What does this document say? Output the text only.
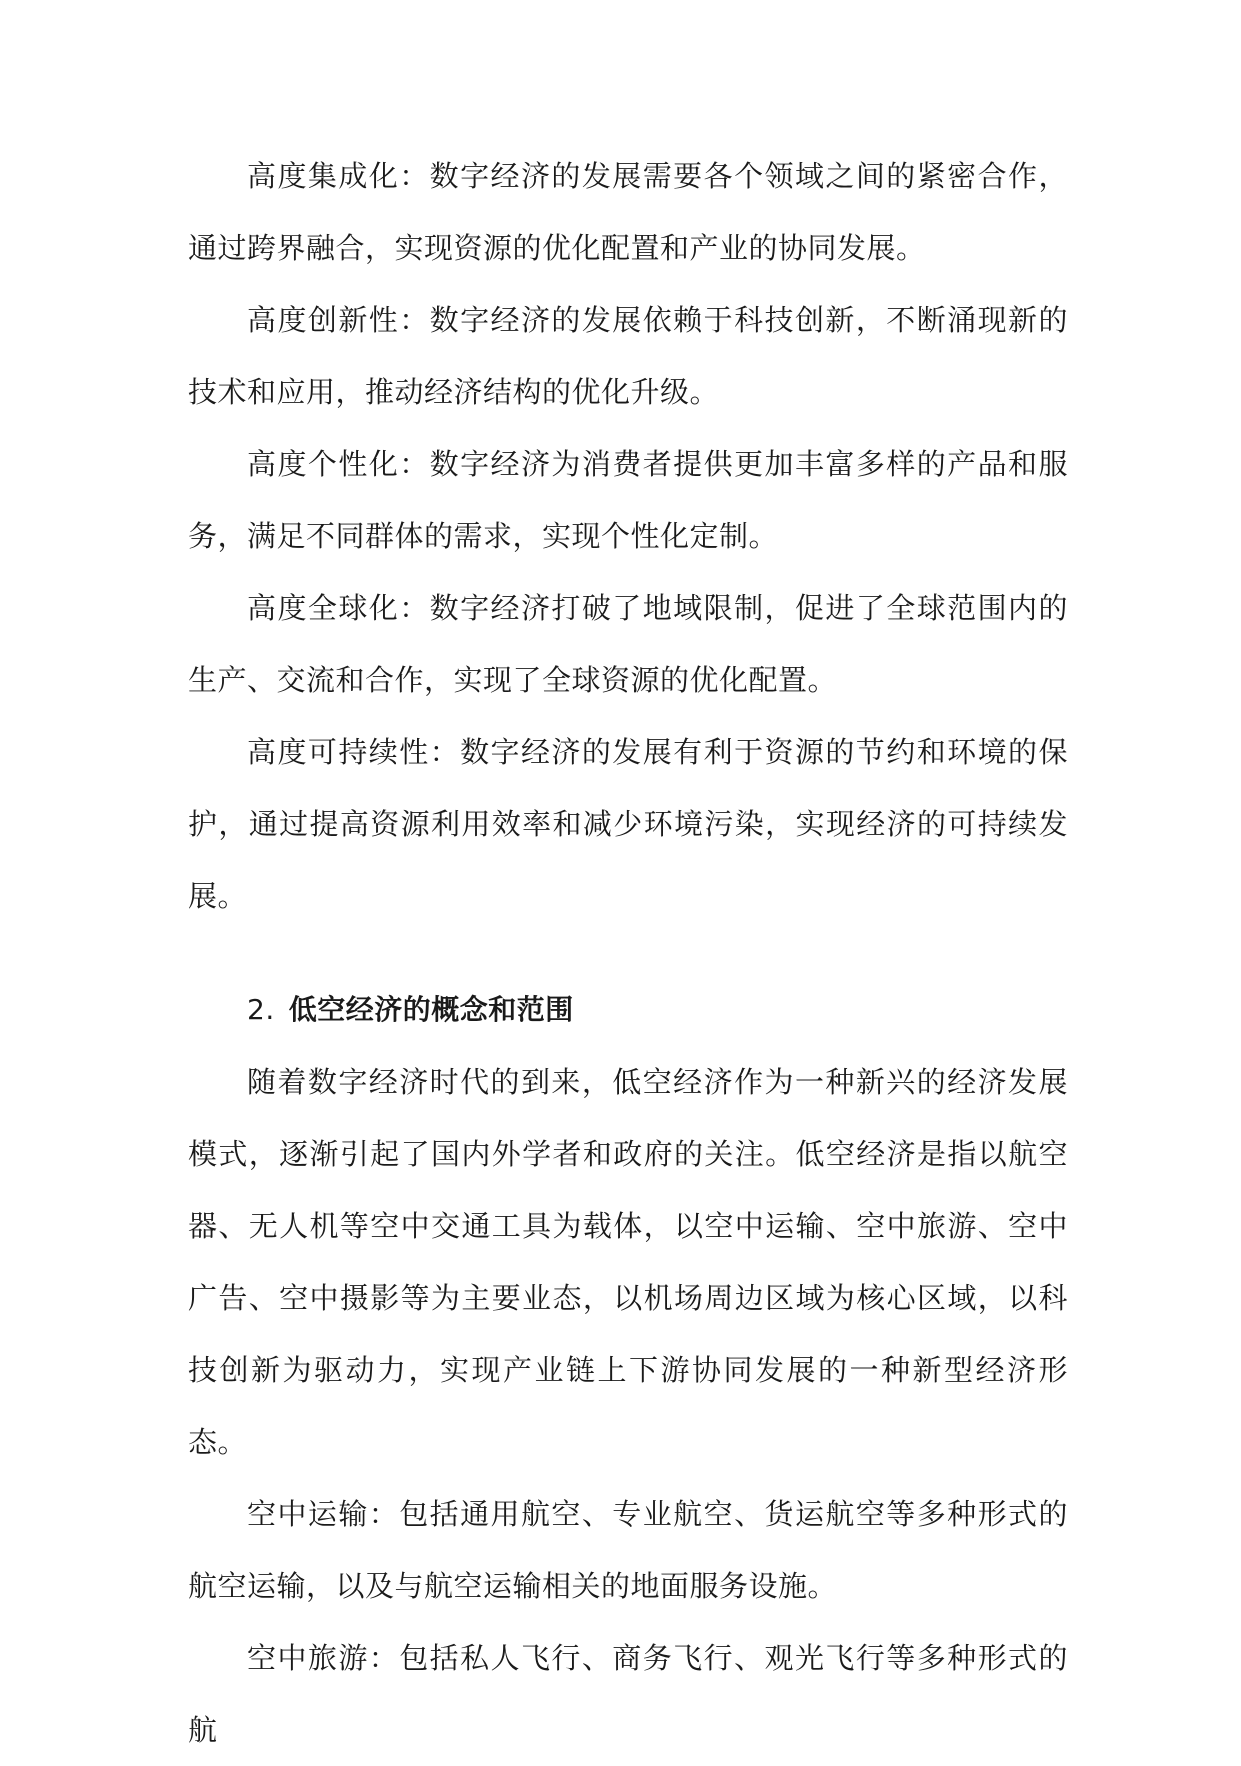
高度集成化：数字经济的发展需要各个领域之间的紧密合作，通过跨界融合，实现资源的优化配置和产业的协同发展。

高度创新性：数字经济的发展依赖于科技创新，不断涌现新的技术和应用，推动经济结构的优化升级。

高度个性化：数字经济为消费者提供更加丰富多样的产品和服务，满足不同群体的需求，实现个性化定制。

高度全球化：数字经济打破了地域限制，促进了全球范围内的生产、交流和合作，实现了全球资源的优化配置。

高度可持续性：数字经济的发展有利于资源的节约和环境的保护，通过提高资源利用效率和减少环境污染，实现经济的可持续发展。

2. 低空经济的概念和范围

随着数字经济时代的到来，低空经济作为一种新兴的经济发展模式，逐渐引起了国内外学者和政府的关注。低空经济是指以航空器、无人机等空中交通工具为载体，以空中运输、空中旅游、空中广告、空中摄影等为主要业态，以机场周边区域为核心区域，以科技创新为驱动力，实现产业链上下游协同发展的一种新型经济形态。

空中运输：包括通用航空、专业航空、货运航空等多种形式的航空运输，以及与航空运输相关的地面服务设施。

空中旅游：包括私人飞行、商务飞行、观光飞行等多种形式的航
